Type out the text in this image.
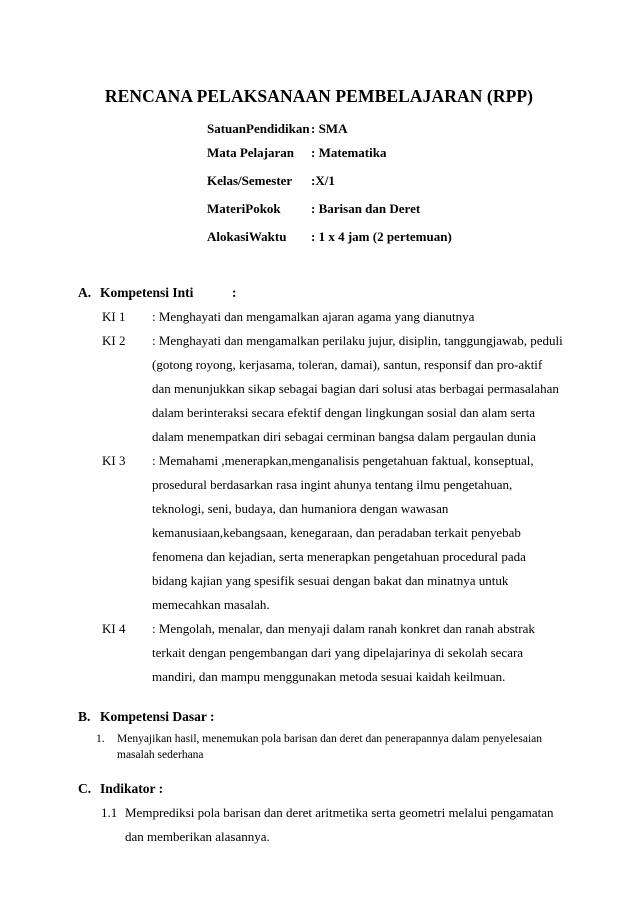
RENCANA PELAKSANAAN PEMBELAJARAN (RPP)
SatuanPendidikan : SMA
Mata Pelajaran : Matematika
Kelas/Semester :X/1
MateriPokok : Barisan dan Deret
AlokasiWaktu : 1 x 4 jam (2 pertemuan)
A. Kompetensi Inti	:
KI 1 : Menghayati dan mengamalkan ajaran agama yang dianutnya
KI 2 : Menghayati dan mengamalkan perilaku jujur, disiplin, tanggungjawab, peduli
(gotong royong, kerjasama, toleran, damai), santun, responsif dan pro-aktif
dan menunjukkan sikap sebagai bagian dari solusi atas berbagai permasalahan
dalam berinteraksi secara efektif dengan lingkungan sosial dan alam serta
dalam menempatkan diri sebagai cerminan bangsa dalam pergaulan dunia
KI 3 : Memahami ,menerapkan,menganalisis pengetahuan faktual, konseptual,
prosedural berdasarkan rasa ingint ahunya tentang ilmu pengetahuan,
teknologi, seni, budaya, dan humaniora dengan wawasan
kemanusiaan,kebangsaan, kenegaraan, dan peradaban terkait penyebab
fenomena dan kejadian, serta menerapkan pengetahuan procedural pada
bidang kajian yang spesifik sesuai dengan bakat dan minatnya untuk
memecahkan masalah.
KI 4 : Mengolah, menalar, dan menyaji dalam ranah konkret dan ranah abstrak
terkait dengan pengembangan dari yang dipelajarinya di sekolah secara
mandiri, dan mampu menggunakan metoda sesuai kaidah keilmuan.
B. Kompetensi Dasar :
1. Menyajikan hasil, menemukan pola barisan dan deret dan penerapannya dalam penyelesaian
masalah sederhana
C. Indikator :
1.1 Memprediksi pola barisan dan deret aritmetika serta geometri melalui pengamatan
dan memberikan alasannya.
